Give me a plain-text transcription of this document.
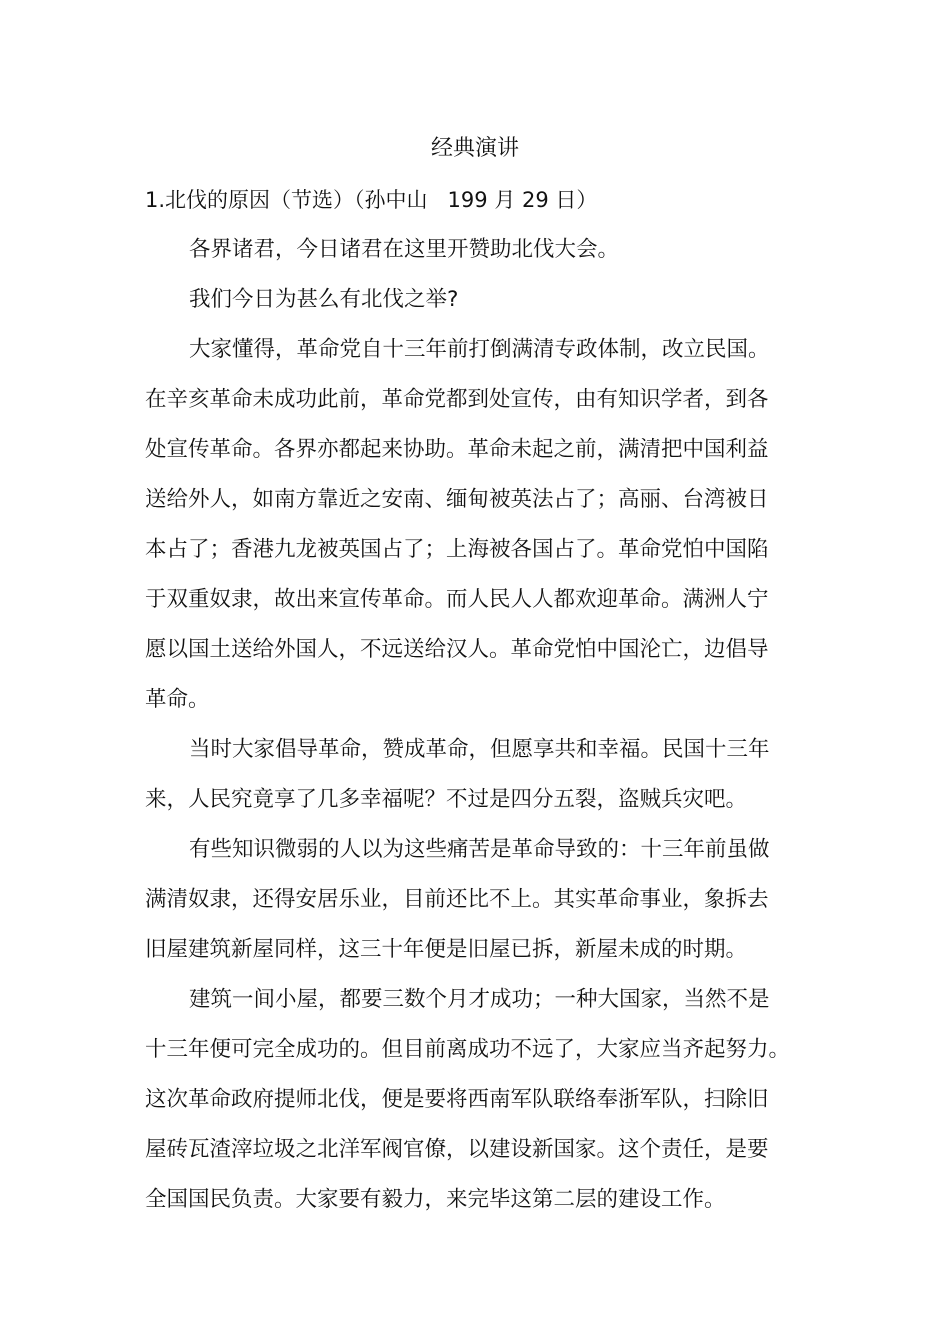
经典演讲
1.北伐的原因（节选）（孙中山   199 月 29 日）
各界诸君，今日诸君在这里开赞助北伐大会。
我们今日为甚么有北伐之举?
大家懂得，革命党自十三年前打倒满清专政体制，改立民国。
在辛亥革命未成功此前，革命党都到处宣传，由有知识学者，到各
处宣传革命。各界亦都起来协助。革命未起之前，满清把中国利益
送给外人，如南方靠近之安南、缅甸被英法占了；高丽、台湾被日
本占了；香港九龙被英国占了；上海被各国占了。革命党怕中国陷
于双重奴隶，故出来宣传革命。而人民人人都欢迎革命。满洲人宁
愿以国土送给外国人，不远送给汉人。革命党怕中国沦亡，边倡导
革命。
当时大家倡导革命，赞成革命，但愿享共和幸福。民国十三年
来，人民究竟享了几多幸福呢？不过是四分五裂，盗贼兵灾吧。
有些知识微弱的人以为这些痛苦是革命导致的：十三年前虽做
满清奴隶，还得安居乐业，目前还比不上。其实革命事业，象拆去
旧屋建筑新屋同样，这三十年便是旧屋已拆，新屋未成的时期。
建筑一间小屋，都要三数个月才成功；一种大国家，当然不是
十三年便可完全成功的。但目前离成功不远了，大家应当齐起努力。
这次革命政府提师北伐，便是要将西南军队联络奉浙军队，扫除旧
屋砖瓦渣滓垃圾之北洋军阀官僚，以建设新国家。这个责任，是要
全国国民负责。大家要有毅力，来完毕这第二层的建设工作。
